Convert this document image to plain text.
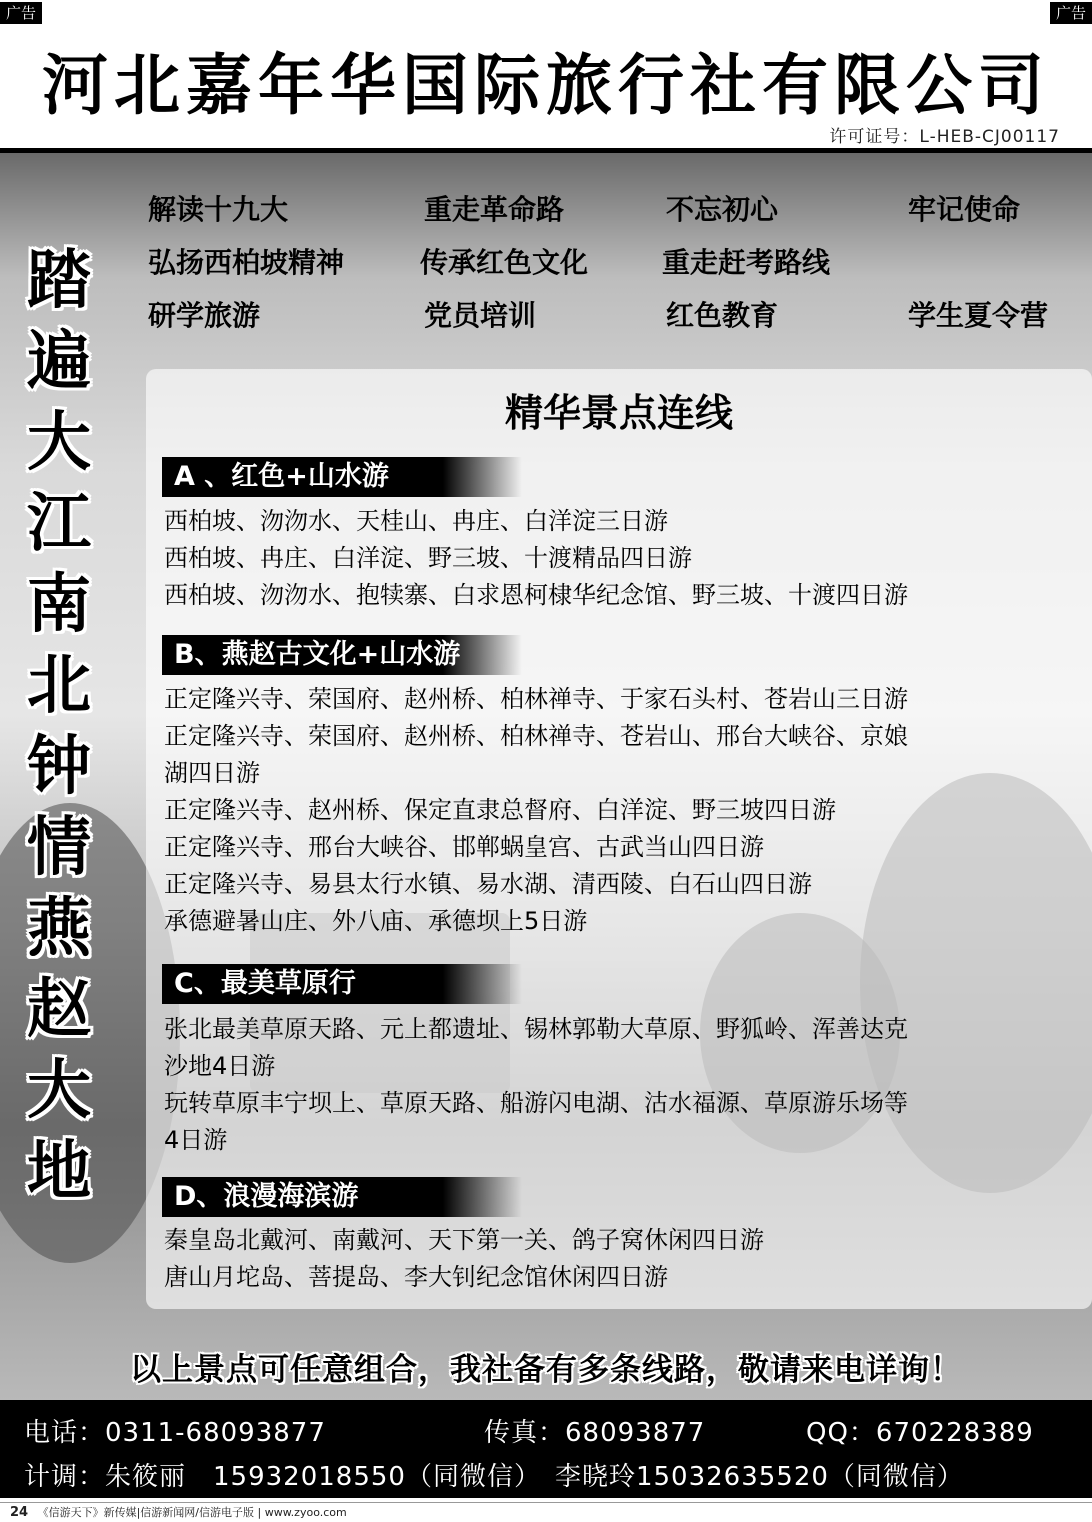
广告	广告
河北嘉年华国际旅行社有限公司
许可证号：L-HEB-CJ00117
踏
遍
大
江
南
北
钟
情
燕
赵
大
地
解读十九大	重走革命路	不忘初心	牢记使命
弘扬西柏坡精神	传承红色文化	重走赶考路线
研学旅游	党员培训	红色教育	学生夏令营
精华景点连线
A 、红色+山水游
西柏坡、沕沕水、天桂山、冉庄、白洋淀三日游
西柏坡、冉庄、白洋淀、野三坡、十渡精品四日游
西柏坡、沕沕水、抱犊寨、白求恩柯棣华纪念馆、野三坡、十渡四日游
B、燕赵古文化+山水游
正定隆兴寺、荣国府、赵州桥、柏林禅寺、于家石头村、苍岩山三日游
正定隆兴寺、荣国府、赵州桥、柏林禅寺、苍岩山、邢台大峡谷、京娘
湖四日游
正定隆兴寺、赵州桥、保定直隶总督府、白洋淀、野三坡四日游
正定隆兴寺、邢台大峡谷、邯郸蜗皇宫、古武当山四日游
正定隆兴寺、易县太行水镇、易水湖、清西陵、白石山四日游
承德避暑山庄、外八庙、承德坝上5日游
C、最美草原行
张北最美草原天路、元上都遗址、锡林郭勒大草原、野狐岭、浑善达克
沙地4日游
玩转草原丰宁坝上、草原天路、船游闪电湖、沽水福源、草原游乐场等
4日游
D、浪漫海滨游
秦皇岛北戴河、南戴河、天下第一关、鸽子窝休闲四日游
唐山月坨岛、菩提岛、李大钊纪念馆休闲四日游
以上景点可任意组合，我社备有多条线路，敬请来电详询！
电话：0311-68093877	传真：68093877	QQ：670228389
计调：朱筱丽　15932018550（同微信）　李晓玲15032635520（同微信）
24 《信游天下》新传媒|信游新闻网/信游电子版 | www.zyoo.com
